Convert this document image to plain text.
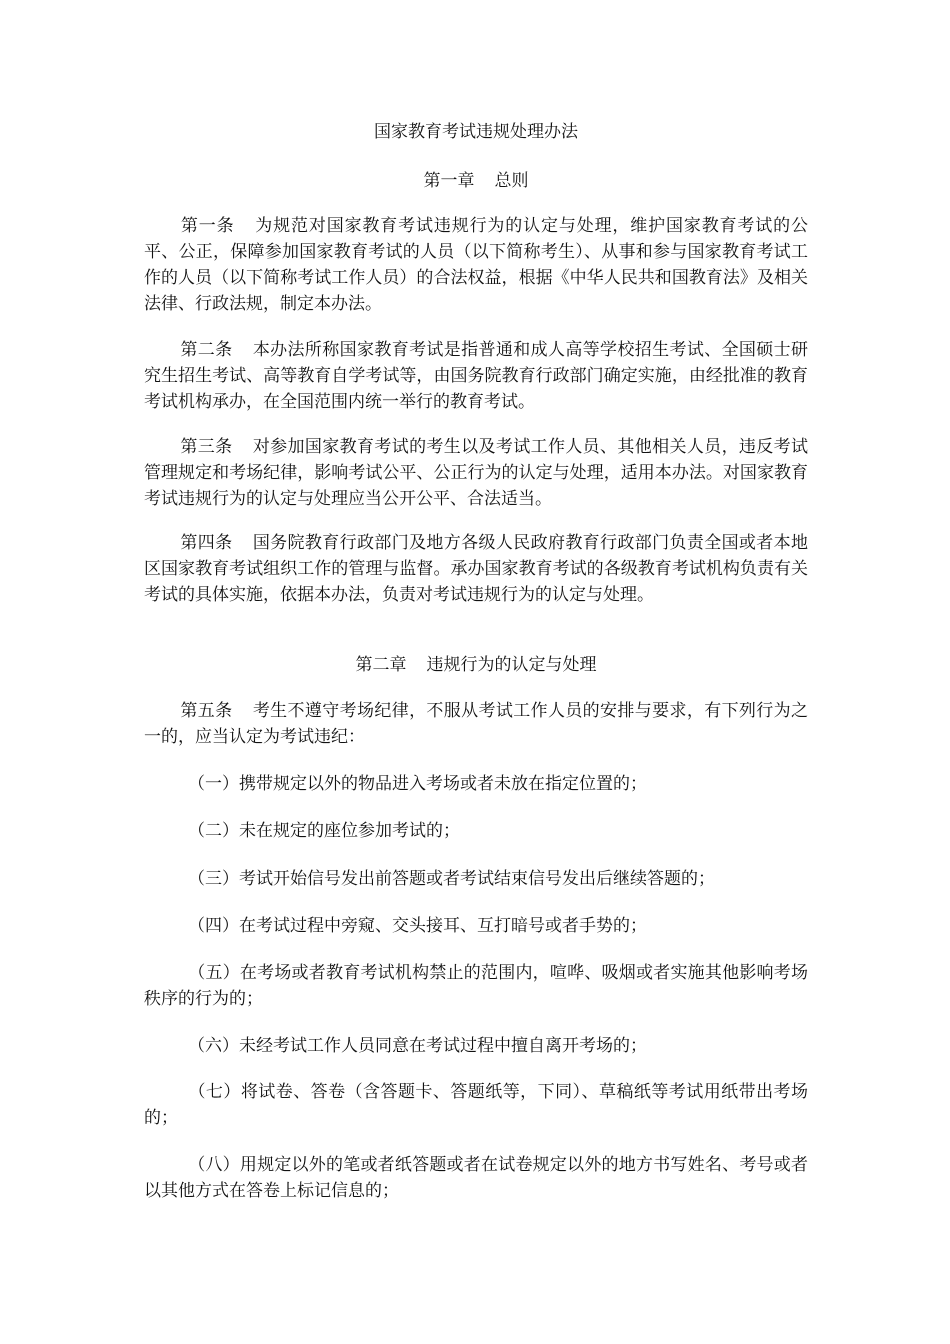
国家教育考试违规处理办法
第一章 总则
第一条 为规范对国家教育考试违规行为的认定与处理，维护国家教育考试的公平、公正，保障参加国家教育考试的人员（以下简称考生）、从事和参与国家教育考试工作的人员（以下简称考试工作人员）的合法权益，根据《中华人民共和国教育法》及相关法律、行政法规，制定本办法。
第二条 本办法所称国家教育考试是指普通和成人高等学校招生考试、全国硕士研究生招生考试、高等教育自学考试等，由国务院教育行政部门确定实施，由经批准的教育考试机构承办，在全国范围内统一举行的教育考试。
第三条 对参加国家教育考试的考生以及考试工作人员、其他相关人员，违反考试管理规定和考场纪律，影响考试公平、公正行为的认定与处理，适用本办法。对国家教育考试违规行为的认定与处理应当公开公平、合法适当。
第四条 国务院教育行政部门及地方各级人民政府教育行政部门负责全国或者本地区国家教育考试组织工作的管理与监督。承办国家教育考试的各级教育考试机构负责有关考试的具体实施，依据本办法，负责对考试违规行为的认定与处理。
第二章 违规行为的认定与处理
第五条 考生不遵守考场纪律，不服从考试工作人员的安排与要求，有下列行为之一的，应当认定为考试违纪：
（一）携带规定以外的物品进入考场或者未放在指定位置的；
（二）未在规定的座位参加考试的；
（三）考试开始信号发出前答题或者考试结束信号发出后继续答题的；
（四）在考试过程中旁窥、交头接耳、互打暗号或者手势的；
（五）在考场或者教育考试机构禁止的范围内，喧哗、吸烟或者实施其他影响考场秩序的行为的；
（六）未经考试工作人员同意在考试过程中擅自离开考场的；
（七）将试卷、答卷（含答题卡、答题纸等，下同）、草稿纸等考试用纸带出考场的；
（八）用规定以外的笔或者纸答题或者在试卷规定以外的地方书写姓名、考号或者以其他方式在答卷上标记信息的；
